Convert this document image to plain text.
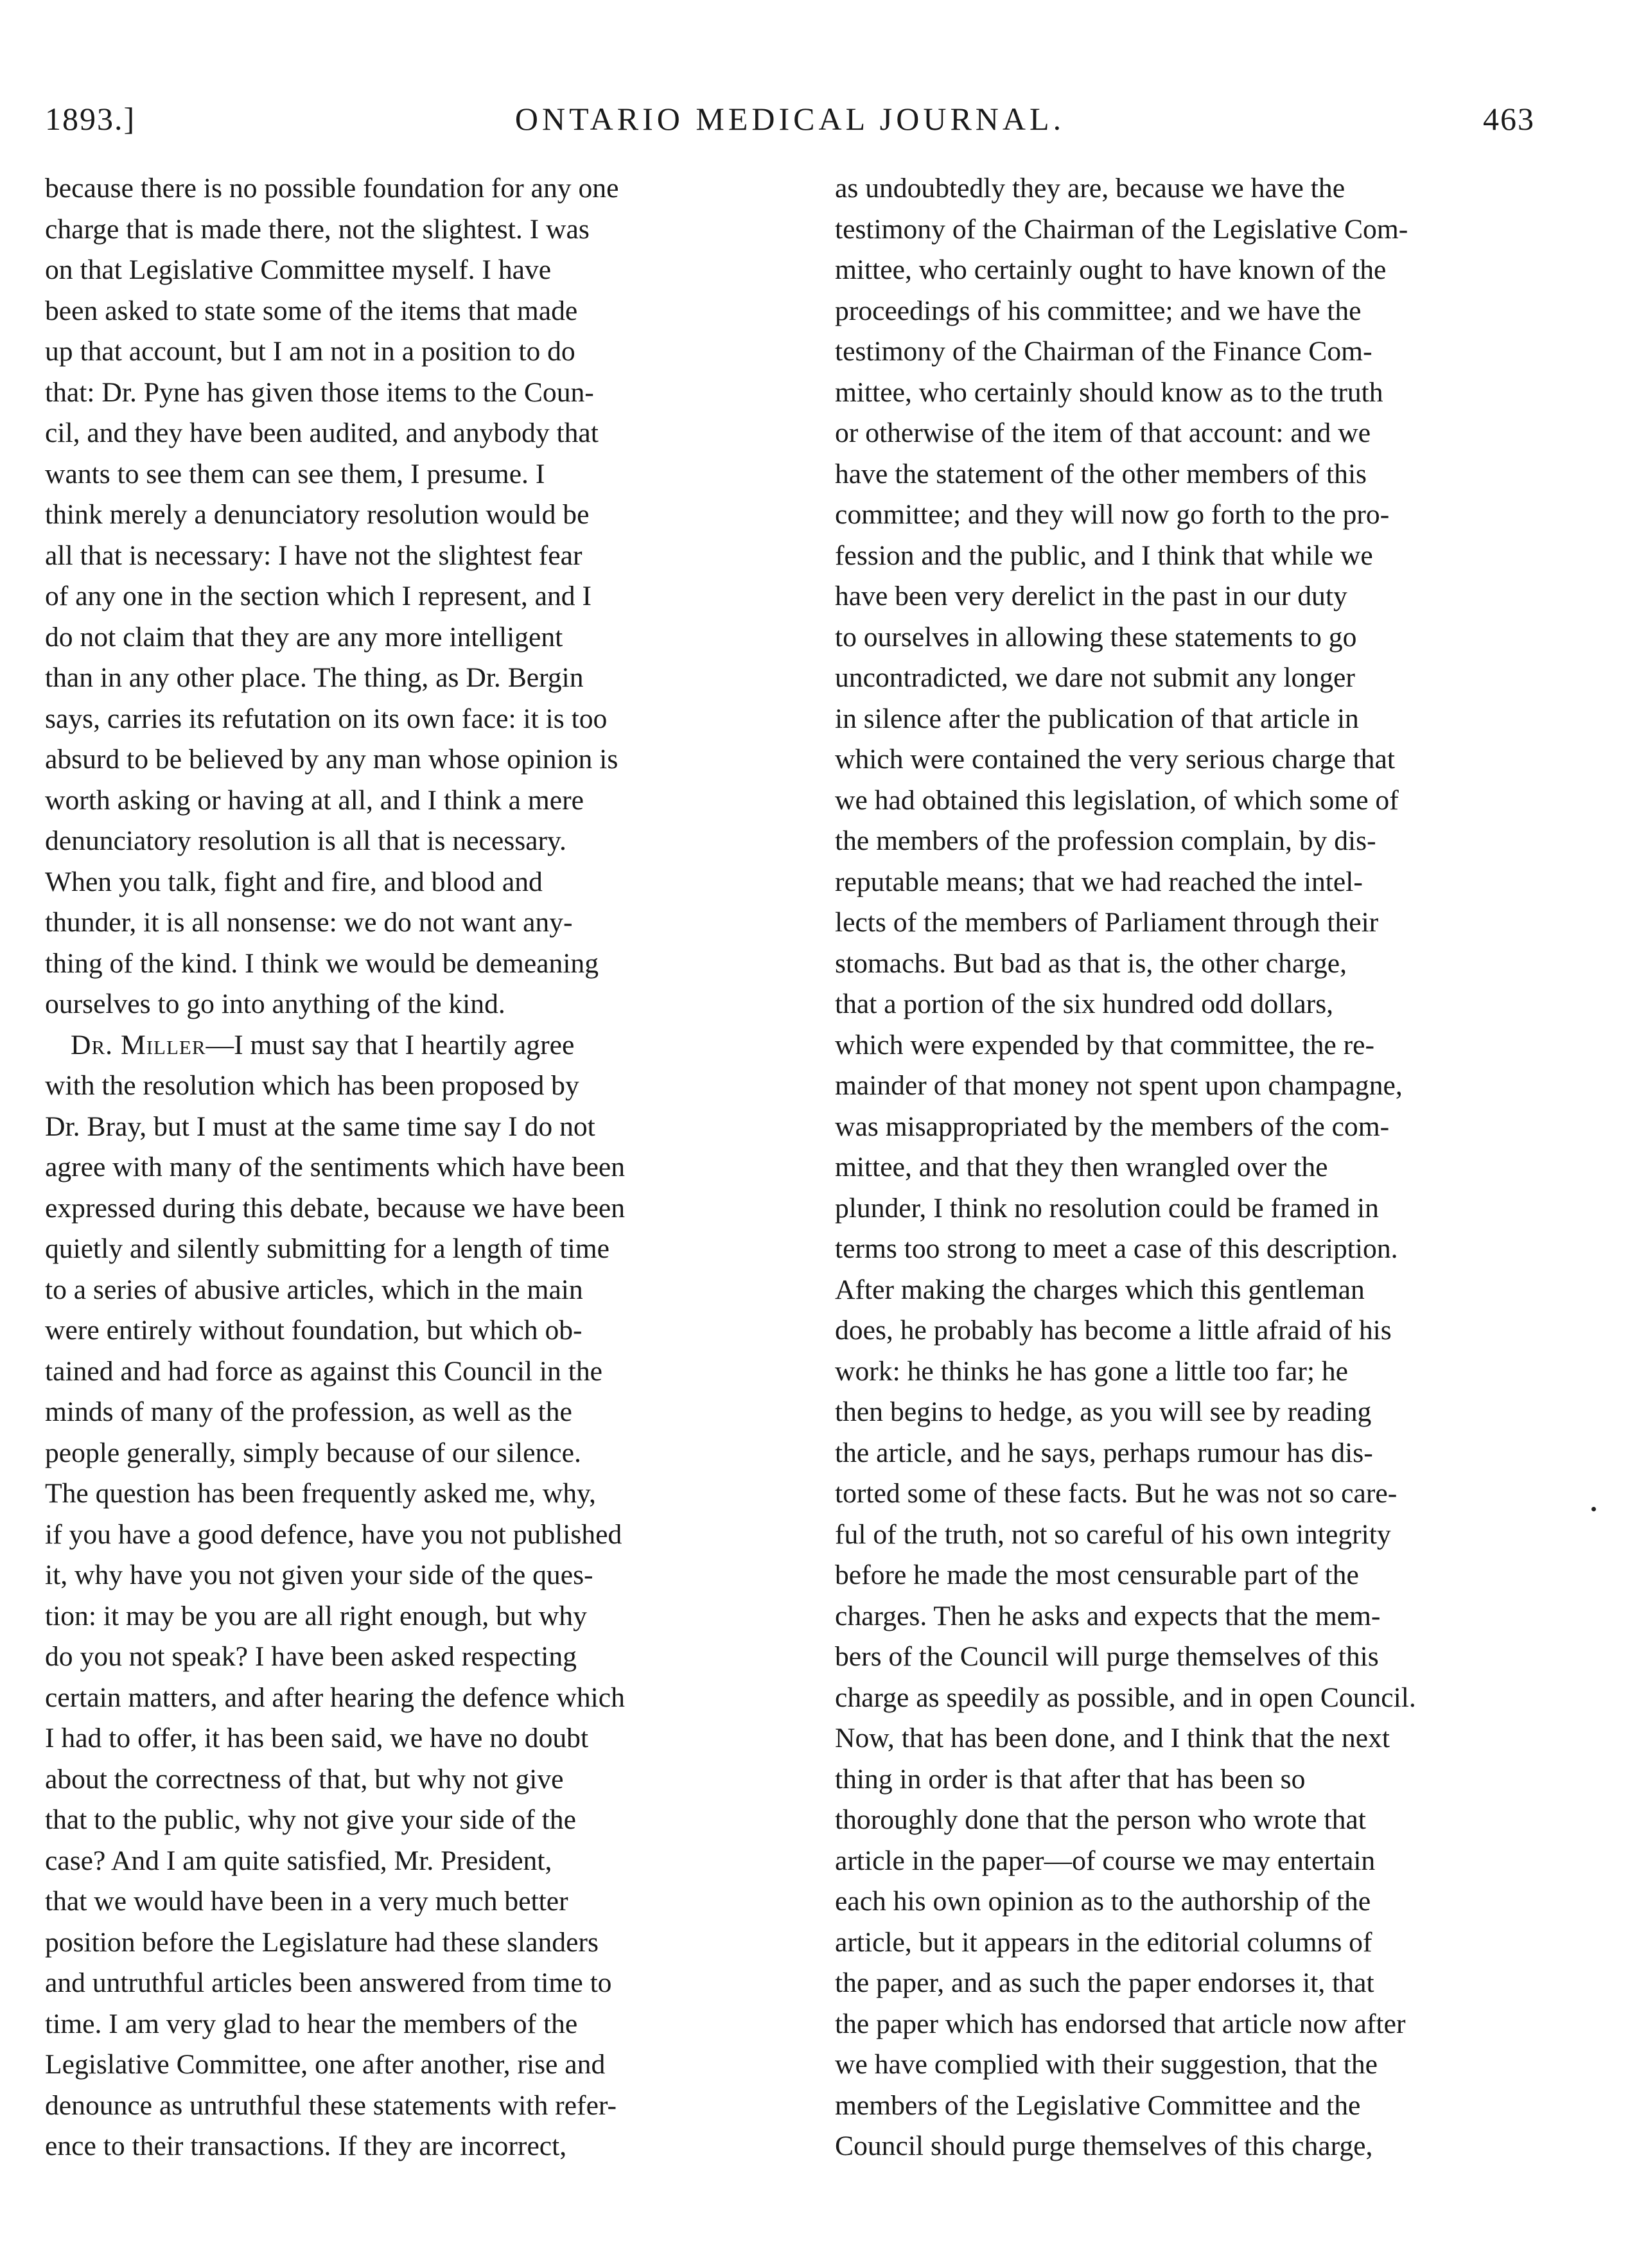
1893.]	ONTARIO MEDICAL JOURNAL.	463

because there is no possible foundation for any one
charge that is made there, not the slightest. I was
on that Legislative Committee myself. I have
been asked to state some of the items that made
up that account, but I am not in a position to do
that: Dr. Pyne has given those items to the Coun-
cil, and they have been audited, and anybody that
wants to see them can see them, I presume. I
think merely a denunciatory resolution would be
all that is necessary: I have not the slightest fear
of any one in the section which I represent, and I
do not claim that they are any more intelligent
than in any other place. The thing, as Dr. Bergin
says, carries its refutation on its own face: it is too
absurd to be believed by any man whose opinion is
worth asking or having at all, and I think a mere
denunciatory resolution is all that is necessary.
When you talk, fight and fire, and blood and
thunder, it is all nonsense: we do not want any-
thing of the kind. I think we would be demeaning
ourselves to go into anything of the kind.

Dr. Miller—I must say that I heartily agree
with the resolution which has been proposed by
Dr. Bray, but I must at the same time say I do not
agree with many of the sentiments which have been
expressed during this debate, because we have been
quietly and silently submitting for a length of time
to a series of abusive articles, which in the main
were entirely without foundation, but which ob-
tained and had force as against this Council in the
minds of many of the profession, as well as the
people generally, simply because of our silence.
The question has been frequently asked me, why,
if you have a good defence, have you not published
it, why have you not given your side of the ques-
tion: it may be you are all right enough, but why
do you not speak? I have been asked respecting
certain matters, and after hearing the defence which
I had to offer, it has been said, we have no doubt
about the correctness of that, but why not give
that to the public, why not give your side of the
case? And I am quite satisfied, Mr. President,
that we would have been in a very much better
position before the Legislature had these slanders
and untruthful articles been answered from time to
time. I am very glad to hear the members of the
Legislative Committee, one after another, rise and
denounce as untruthful these statements with refer-
ence to their transactions. If they are incorrect,

as undoubtedly they are, because we have the
testimony of the Chairman of the Legislative Com-
mittee, who certainly ought to have known of the
proceedings of his committee; and we have the
testimony of the Chairman of the Finance Com-
mittee, who certainly should know as to the truth
or otherwise of the item of that account: and we
have the statement of the other members of this
committee; and they will now go forth to the pro-
fession and the public, and I think that while we
have been very derelict in the past in our duty
to ourselves in allowing these statements to go
uncontradicted, we dare not submit any longer
in silence after the publication of that article in
which were contained the very serious charge that
we had obtained this legislation, of which some of
the members of the profession complain, by dis-
reputable means; that we had reached the intel-
lects of the members of Parliament through their
stomachs. But bad as that is, the other charge,
that a portion of the six hundred odd dollars,
which were expended by that committee, the re-
mainder of that money not spent upon champagne,
was misappropriated by the members of the com-
mittee, and that they then wrangled over the
plunder, I think no resolution could be framed in
terms too strong to meet a case of this description.
After making the charges which this gentleman
does, he probably has become a little afraid of his
work: he thinks he has gone a little too far; he
then begins to hedge, as you will see by reading
the article, and he says, perhaps rumour has dis-
torted some of these facts. But he was not so care-
ful of the truth, not so careful of his own integrity
before he made the most censurable part of the
charges. Then he asks and expects that the mem-
bers of the Council will purge themselves of this
charge as speedily as possible, and in open Council.
Now, that has been done, and I think that the next
thing in order is that after that has been so
thoroughly done that the person who wrote that
article in the paper—of course we may entertain
each his own opinion as to the authorship of the
article, but it appears in the editorial columns of
the paper, and as such the paper endorses it, that
the paper which has endorsed that article now after
we have complied with their suggestion, that the
members of the Legislative Committee and the
Council should purge themselves of this charge,
